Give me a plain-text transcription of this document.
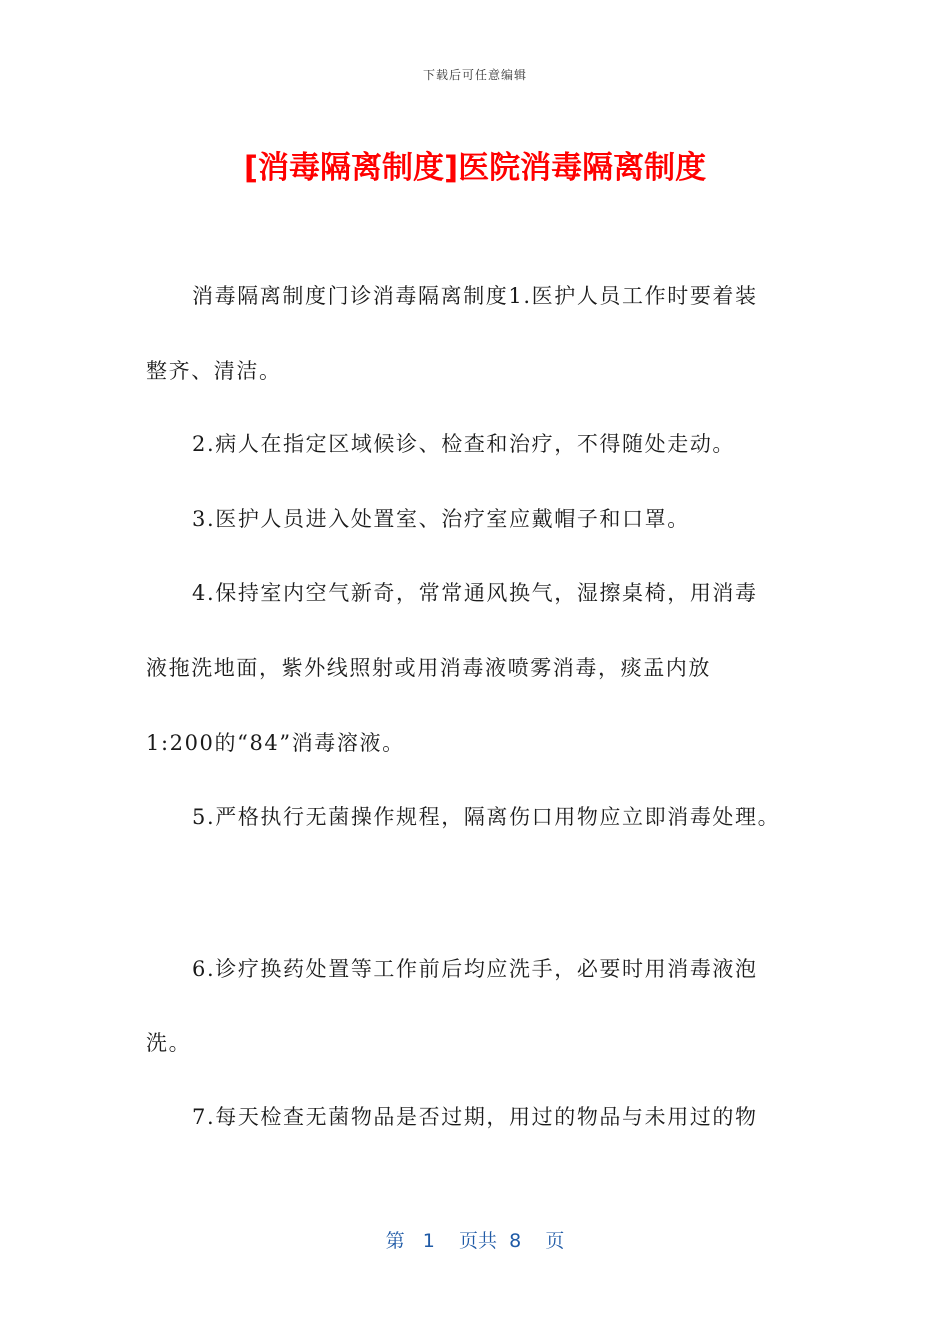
下载后可任意编辑
[消毒隔离制度]医院消毒隔离制度
消毒隔离制度门诊消毒隔离制度1.医护人员工作时要着装
整齐、清洁。
2.病人在指定区域候诊、检查和治疗，不得随处走动。
3.医护人员进入处置室、治疗室应戴帽子和口罩。
4.保持室内空气新奇，常常通风换气，湿擦桌椅，用消毒
液拖洗地面，紫外线照射或用消毒液喷雾消毒，痰盂内放
1:200的“84”消毒溶液。
5.严格执行无菌操作规程，隔离伤口用物应立即消毒处理。
6.诊疗换药处置等工作前后均应洗手，必要时用消毒液泡
洗。
7.每天检查无菌物品是否过期，用过的物品与未用过的物
第 1 页共 8 页
